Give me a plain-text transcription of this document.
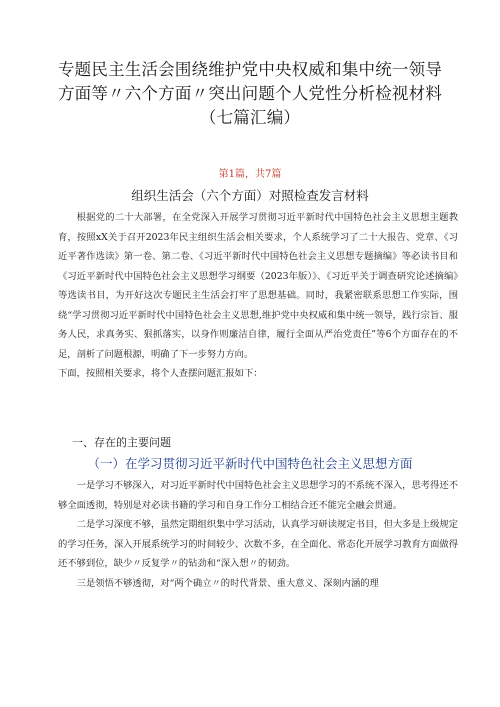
专题民主生活会围绕维护党中央权威和集中统一领导
方面等〃六个方面〃突出问题个人党性分析检视材料
（七篇汇编）
第1篇，共7篇
组织生活会（六个方面）对照检查发言材料

根据党的二十大部署，在全党深入开展学习贯彻习近平新时代中国特色社会主义思想主题教育，按照xX关于召开2023年民主组织生活会相关要求，个人系统学习了二十大报告、党章、《习近平著作选读》第一卷、第二卷、《习近平新时代中国特色社会主义思想专题摘编》等必读书目和《习近平新时代中国特色社会主义思想学习纲要（2023年版）》、《习近平关于调查研究论述摘编》等选读书目，为开好这次专题民主生活会打牢了思想基础。同时，我紧密联系思想工作实际，围绕“学习贯彻习近平新时代中国特色社会主义思想,维护党中央权威和集中统一领导，践行宗旨、服务人民，求真务实、狠抓落实，以身作则廉洁自律，履行全面从严治党责任”等6个方面存在的不足，剖析了问题根源，明确了下一步努力方向。

下面，按照相关要求，将个人查摆问题汇报如下：

一、存在的主要问题
（一）在学习贯彻习近平新时代中国特色社会主义思想方面

一是学习不够深入，对习近平新时代中国特色社会主义思想学习的不系统不深入，思考得还不够全面透彻，特别是对必读书籍的学习和自身工作分工相结合还不能完全融会贯通。

二是学习深度不够，虽然定期组织集中学习活动，认真学习研读规定书目，但大多是上级规定的学习任务，深入开展系统学习的时间较少、次数不多，在全面化、常态化开展学习教育方面做得还不够到位，缺少〃反复学〃的钻劲和“深入想〃的韧劲。

三是领悟不够透彻，对“两个确立〃的时代背景、重大意义、深刻内涵的理
